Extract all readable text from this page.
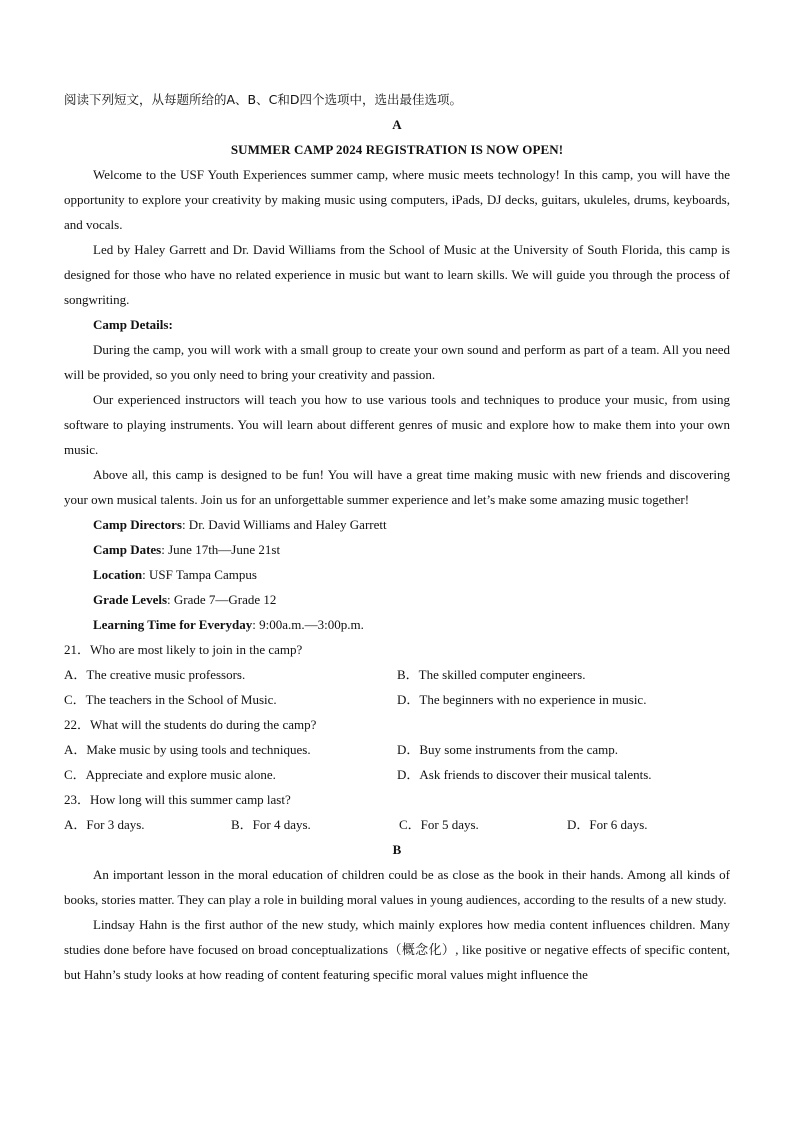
阅读下列短文，从每题所给的A、B、C和D四个选项中，选出最佳选项。
A
SUMMER CAMP 2024 REGISTRATION IS NOW OPEN!
Welcome to the USF Youth Experiences summer camp, where music meets technology! In this camp, you will have the opportunity to explore your creativity by making music using computers, iPads, DJ decks, guitars, ukuleles, drums, keyboards, and vocals.
Led by Haley Garrett and Dr. David Williams from the School of Music at the University of South Florida, this camp is designed for those who have no related experience in music but want to learn skills. We will guide you through the process of songwriting.
Camp Details:
During the camp, you will work with a small group to create your own sound and perform as part of a team. All you need will be provided, so you only need to bring your creativity and passion.
Our experienced instructors will teach you how to use various tools and techniques to produce your music, from using software to playing instruments. You will learn about different genres of music and explore how to make them into your own music.
Above all, this camp is designed to be fun! You will have a great time making music with new friends and discovering your own musical talents. Join us for an unforgettable summer experience and let’s make some amazing music together!
Camp Directors: Dr. David Williams and Haley Garrett
Camp Dates: June 17th—June 21st
Location: USF Tampa Campus
Grade Levels: Grade 7—Grade 12
Learning Time for Everyday: 9:00a.m.—3:00p.m.
21．Who are most likely to join in the camp?
A．The creative music professors.	B．The skilled computer engineers.
C．The teachers in the School of Music.	D．The beginners with no experience in music.
22．What will the students do during the camp?
A．Make music by using tools and techniques.	D．Buy some instruments from the camp.
C．Appreciate and explore music alone.	D．Ask friends to discover their musical talents.
23．How long will this summer camp last?
A．For 3 days.	B．For 4 days.	C．For 5 days.	D．For 6 days.
B
An important lesson in the moral education of children could be as close as the book in their hands. Among all kinds of books, stories matter. They can play a role in building moral values in young audiences, according to the results of a new study.
Lindsay Hahn is the first author of the new study, which mainly explores how media content influences children. Many studies done before have focused on broad conceptualizations（概念化）, like positive or negative effects of specific content, but Hahn’s study looks at how reading of content featuring specific moral values might influence the
